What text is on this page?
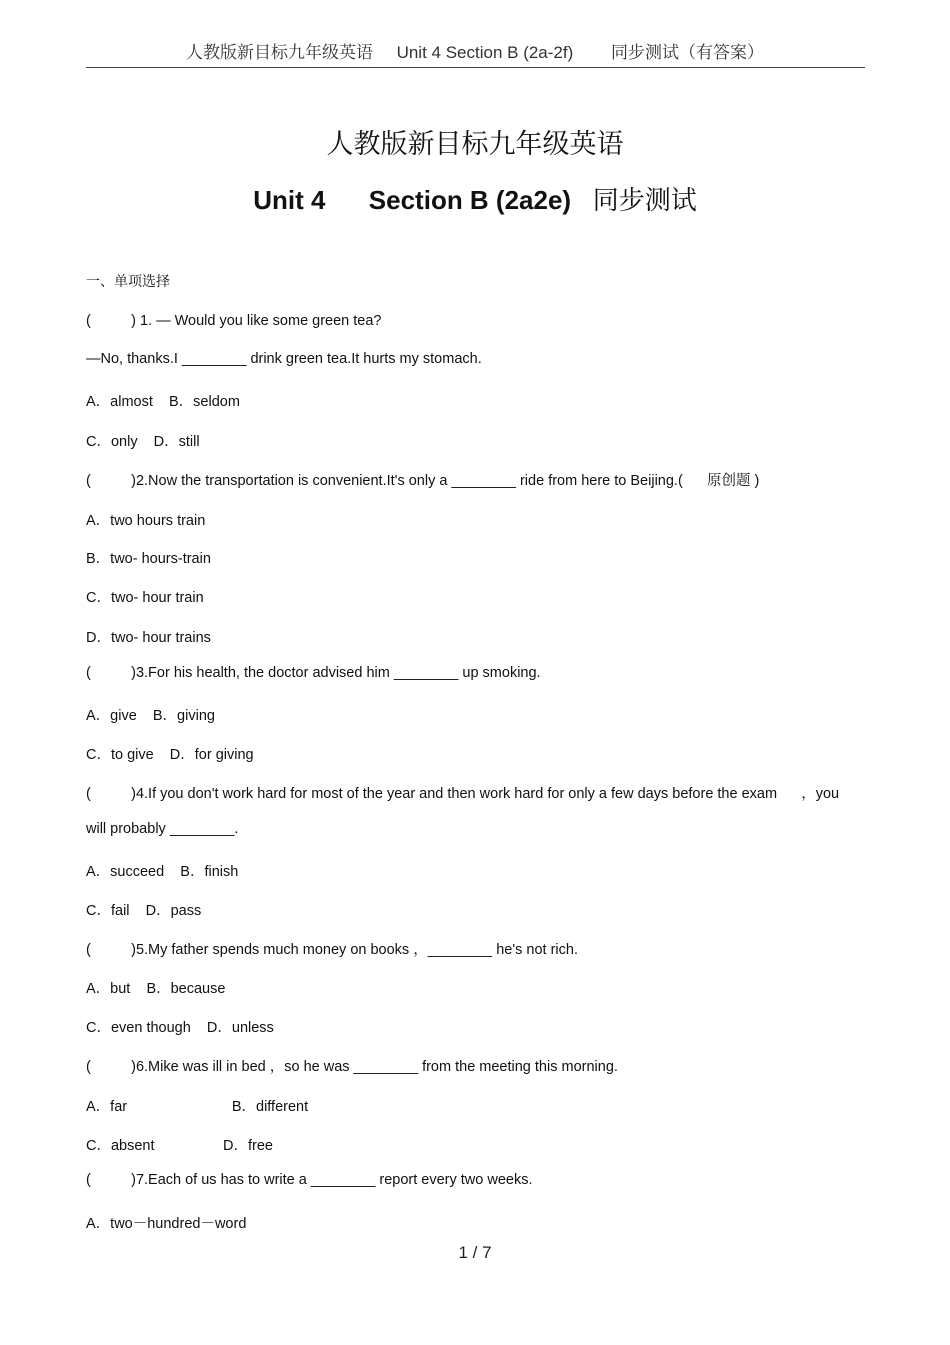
人教版新目标九年级英语     Unit 4 Section B (2a-2f)        同步测试（有答案）
人教版新目标九年级英语
Unit 4 Section B (2a2e) 同步测试
一、单项选择
(          ) 1. — Would you like some green tea?
—No, thanks.I ________ drink green tea.It hurts my stomach.
A．almost    B．seldom
C．only    D．still
(          )2.Now the transportation is convenient.It's only a ________ ride from here to Beijing.(      原创题 )
A．two hours train
B．two- hours-train
C．two- hour train
D．two- hour trains
(          )3.For his health, the doctor advised him ________ up smoking.
A．give    B．giving
C．to give    D．for giving
(          )4.If you don't work hard for most of the year and then work hard for only a few days before the exam      ，you
will probably ________.
A．succeed    B．finish
C．fail    D．pass
(          )5.My father spends much money on books ，________ he's not rich.
A．but    B．because
C．even though    D．unless
(          )6.Mike was ill in bed ，so he was ________ from the meeting this morning.
A．far                          B．different
C．absent                 D．free
(          )7.Each of us has to write a ________ report every two weeks.
A．two－hundred－word
1 / 7
